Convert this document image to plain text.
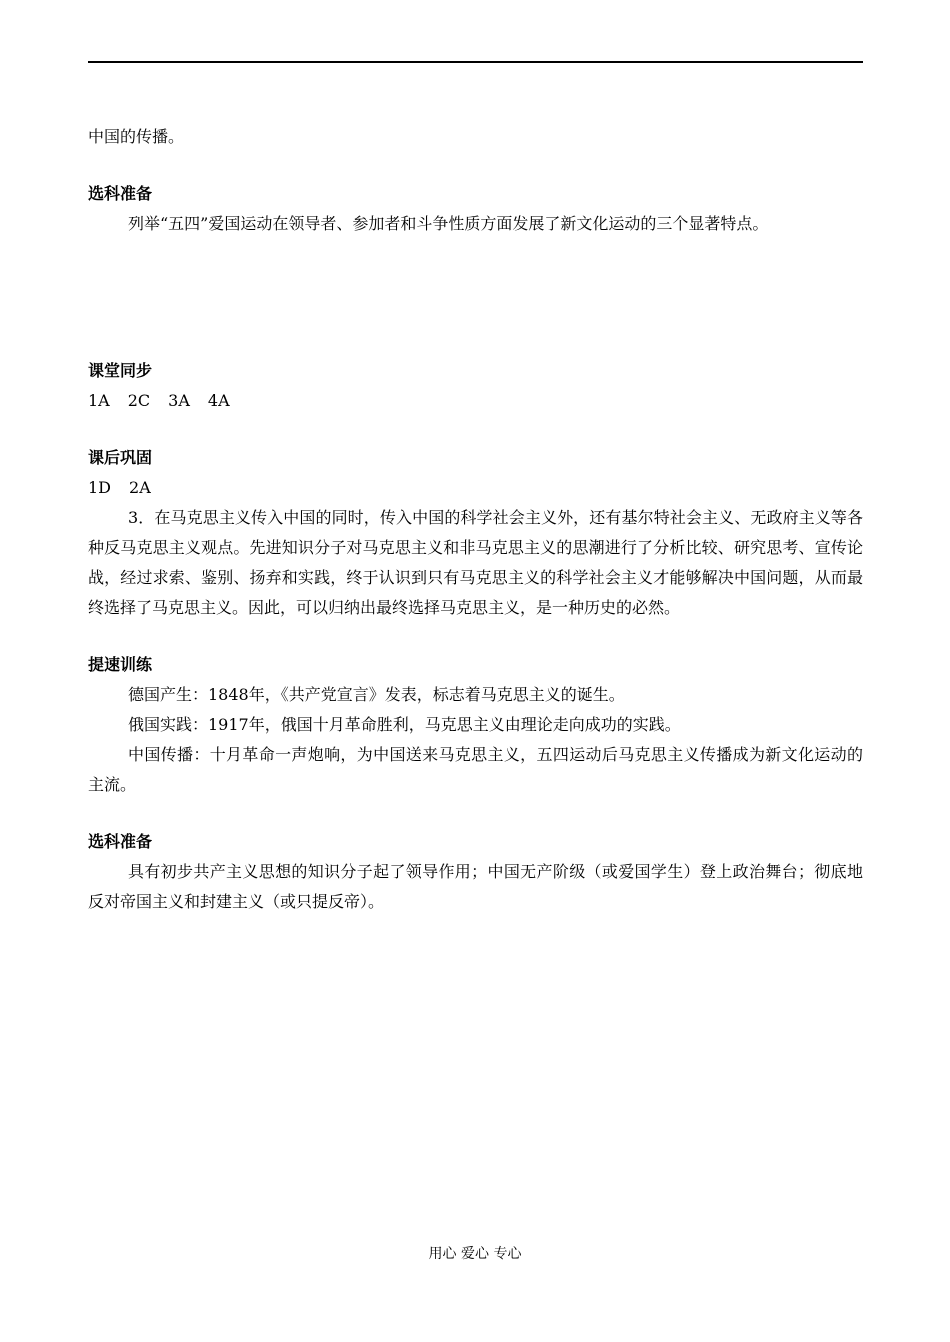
中国的传播。

选科准备

列举“五四”爱国运动在领导者、参加者和斗争性质方面发展了新文化运动的三个显著特点。

课堂同步

1A 2C 3A 4A

课后巩固

1D 2A

3．在马克思主义传入中国的同时，传入中国的科学社会主义外，还有基尔特社会主义、无政府主义等各种反马克思主义观点。先进知识分子对马克思主义和非马克思主义的思潮进行了分析比较、研究思考、宣传论战，经过求索、鉴别、扬弃和实践，终于认识到只有马克思主义的科学社会主义才能够解决中国问题，从而最终选择了马克思主义。因此，可以归纳出最终选择马克思主义，是一种历史的必然。

提速训练

德国产生：1848年，《共产党宣言》发表，标志着马克思主义的诞生。

俄国实践：1917年，俄国十月革命胜利，马克思主义由理论走向成功的实践。

中国传播：十月革命一声炮响，为中国送来马克思主义，五四运动后马克思主义传播成为新文化运动的主流。

选科准备

具有初步共产主义思想的知识分子起了领导作用；中国无产阶级（或爱国学生）登上政治舞台；彻底地反对帝国主义和封建主义（或只提反帝）。

用心 爱心 专心
